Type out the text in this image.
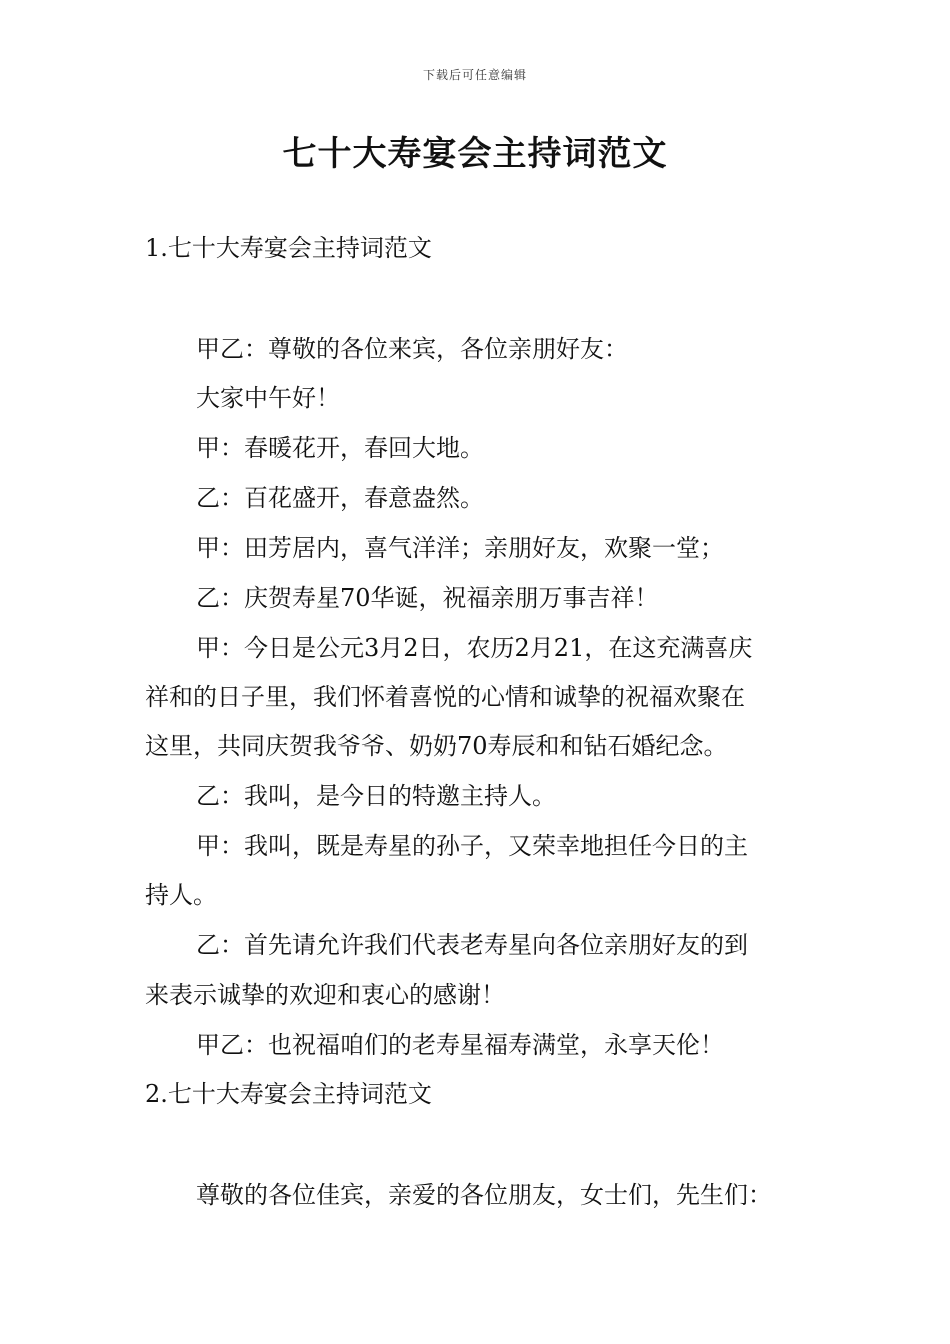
下载后可任意编辑
七十大寿宴会主持词范文
1.七十大寿宴会主持词范文
甲乙：尊敬的各位来宾，各位亲朋好友：
大家中午好！
甲：春暖花开，春回大地。
乙：百花盛开，春意盎然。
甲：田芳居内，喜气洋洋；亲朋好友，欢聚一堂；
乙：庆贺寿星70华诞，祝福亲朋万事吉祥！
甲：今日是公元3月2日，农历2月21，在这充满喜庆
祥和的日子里，我们怀着喜悦的心情和诚挚的祝福欢聚在
这里，共同庆贺我爷爷、奶奶70寿辰和和钻石婚纪念。
乙：我叫，是今日的特邀主持人。
甲：我叫，既是寿星的孙子，又荣幸地担任今日的主
持人。
乙：首先请允许我们代表老寿星向各位亲朋好友的到
来表示诚挚的欢迎和衷心的感谢！
甲乙：也祝福咱们的老寿星福寿满堂，永享天伦！
2.七十大寿宴会主持词范文
尊敬的各位佳宾，亲爱的各位朋友，女士们，先生们：
